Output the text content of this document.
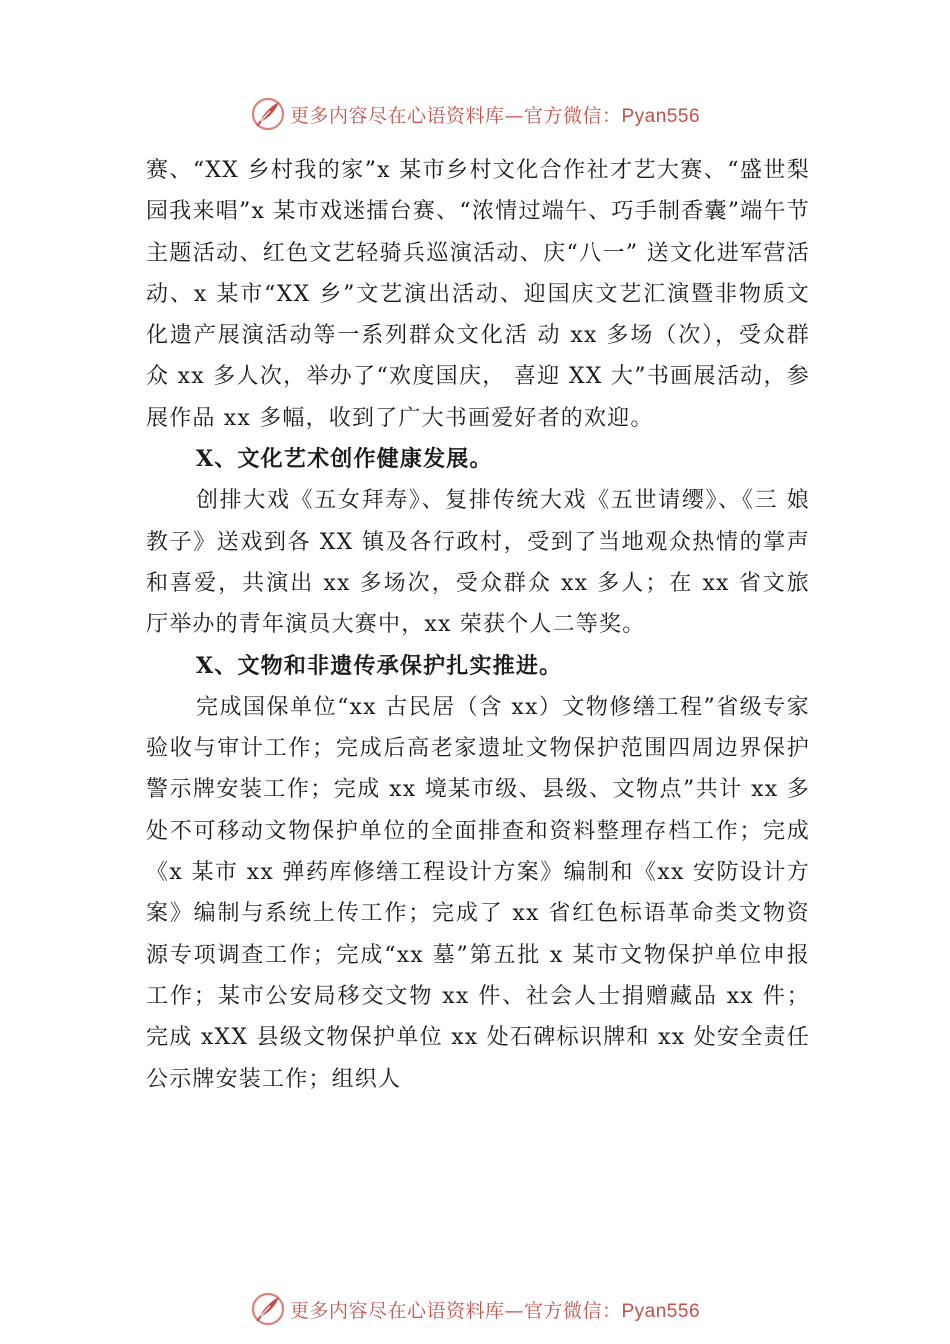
更多内容尽在心语资料库—官方微信：Pyan556

赛、“XX 乡村我的家”x 某市乡村文化合作社才艺大赛、“盛世梨园我来唱”x 某市戏迷擂台赛、“浓情过端午、巧手制香囊”端午节主题活动、红色文艺轻骑兵巡演活动、庆“八一” 送文化进军营活动、x 某市“XX 乡”文艺演出活动、迎国庆文艺汇演暨非物质文化遗产展演活动等一系列群众文化活 动 xx 多场（次），受众群众 xx 多人次，举办了“欢度国庆， 喜迎 XX 大”书画展活动，参展作品 xx 多幅，收到了广大书画爱好者的欢迎。

X、文化艺术创作健康发展。

创排大戏《五女拜寿》、复排传统大戏《五世请缨》、《三 娘教子》送戏到各 XX 镇及各行政村，受到了当地观众热情的掌声和喜爱，共演出 xx 多场次，受众群众 xx 多人；在 xx 省文旅厅举办的青年演员大赛中，xx 荣获个人二等奖。

X、文物和非遗传承保护扎实推进。

完成国保单位“xx 古民居（含 xx）文物修缮工程”省级专家验收与审计工作；完成后高老家遗址文物保护范围四周边界保护警示牌安装工作；完成 xx 境某市级、县级、文物点”共计 xx 多处不可移动文物保护单位的全面排查和资料整理存档工作；完成《x 某市 xx 弹药库修缮工程设计方案》编制和《xx 安防设计方案》编制与系统上传工作；完成了 xx 省红色标语革命类文物资源专项调查工作；完成“xx 墓”第五批 x 某市文物保护单位申报工作；某市公安局移交文物 xx 件、社会人士捐赠藏品 xx 件；完成 xXX 县级文物保护单位 xx 处石碑标识牌和 xx 处安全责任公示牌安装工作；组织人

更多内容尽在心语资料库—官方微信：Pyan556
